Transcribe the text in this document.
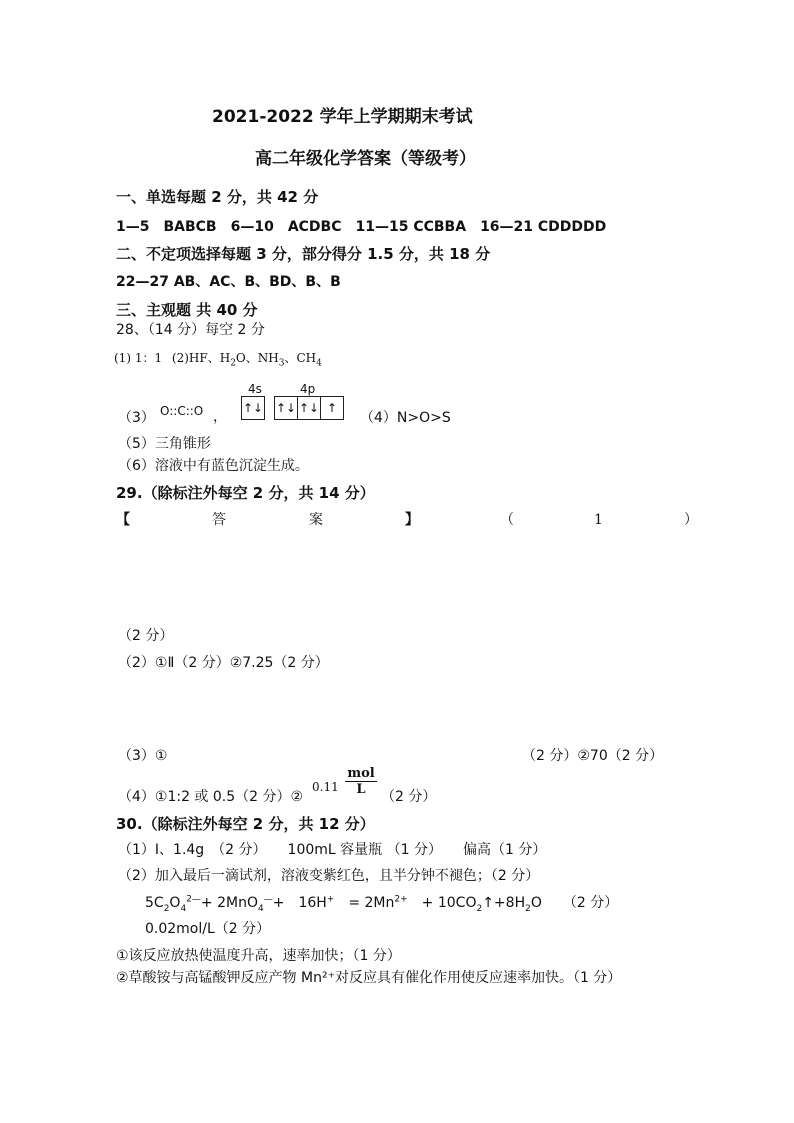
2021-2022 学年上学期期末考试
高二年级化学答案（等级考）
一、单选每题 2 分，共 42 分
1—5　BABCB　6—10　ACDBC　11—15 CCBBA　16—21 CDDDDD
二、不定项选择每题 3 分，部分得分 1.5 分，共 18 分
22—27 AB、AC、B、BD、B、B
三、主观题 共 40 分
28、（14 分）每空 2 分
(1) 1：1 (2)HF、$H_2O$、$NH_3$、$CH_4$
（3） O::C::O ，
4s	4p
↑↓ ↑↓ ↑↓ ↑
（4）N>O>S
（5）三角锥形
（6）溶液中有蓝色沉淀生成。
29.（除标注外每空 2 分，共 14 分）
【	答	案	】	（	1	）
（2 分）
（2）①Ⅱ（2 分）②7.25（2 分）
（3）①	（2 分）②70（2 分）
（4）①1:2 或 0.5（2 分）②
0.11
mol
L	（2 分）
30.（除标注外每空 2 分，共 12 分）
（1）Ⅰ、1.4g　（2 分）　　100mL 容量瓶 （1 分）　　偏高（1 分）
（2）加入最后一滴试剂，溶液变紫红色，且半分钟不褪色；（2 分）
$5C_2O_4^{2—}+ 2MnO_4^—+$　16H+　= $2Mn^{2+}$　+ $10CO_2↑+8H_2O$　　（2 分）
0.02mol/L（2 分）
①该反应放热使温度升高，速率加快；（1 分）
②草酸铵与高锰酸钾反应产物 Mn²⁺对反应具有催化作用使反应速率加快。（1 分）
